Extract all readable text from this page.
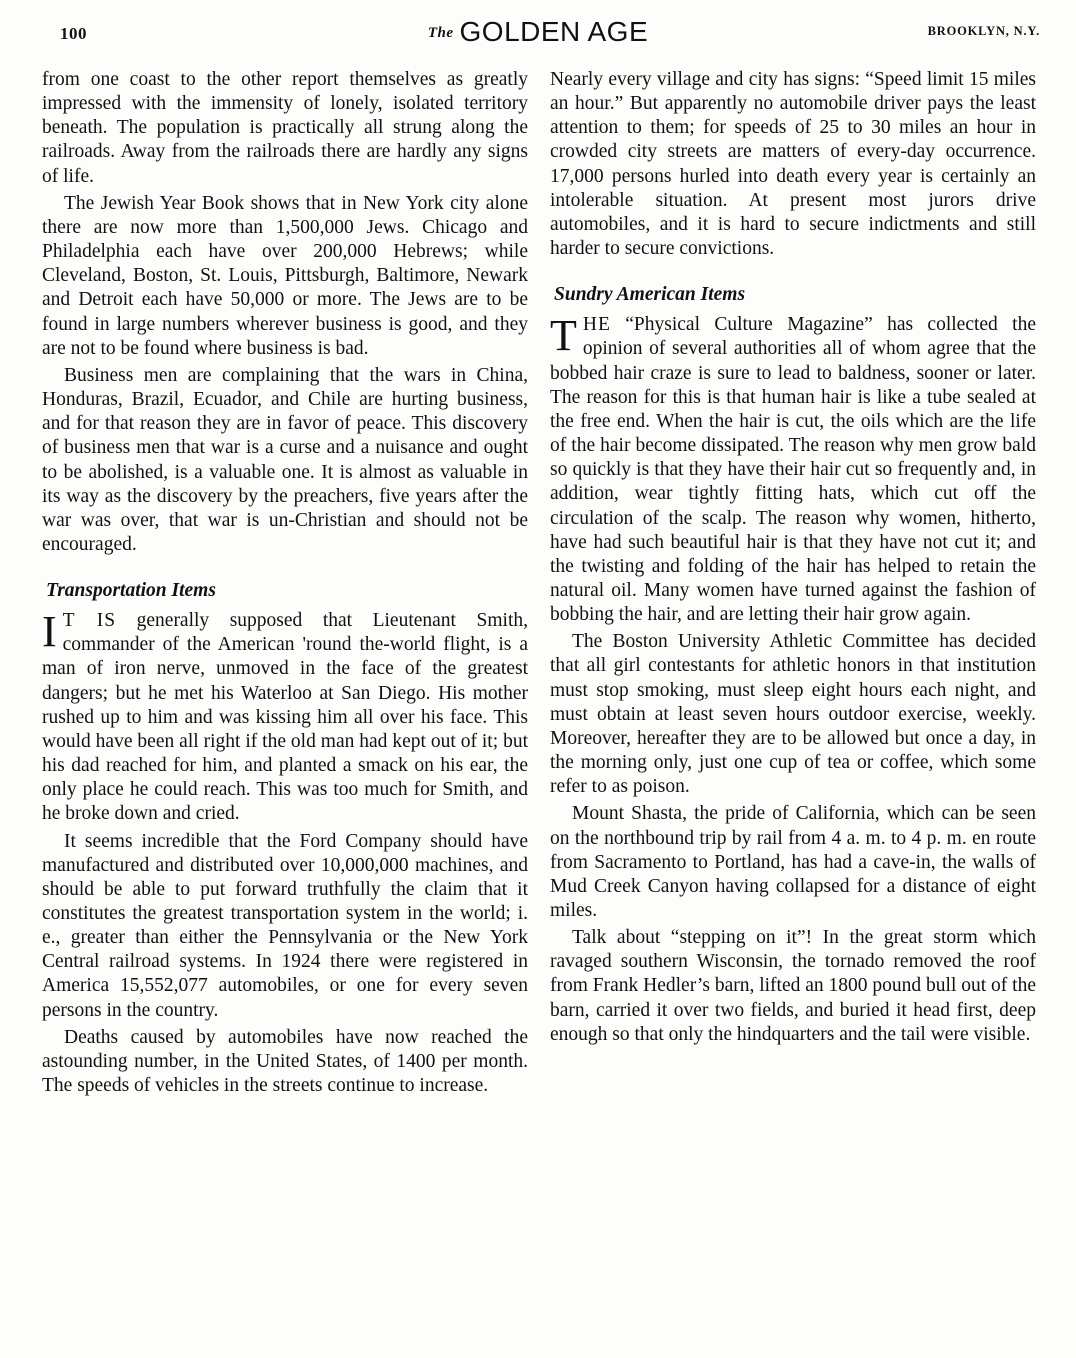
100	The GOLDEN AGE	BROOKLYN, N.Y.

from one coast to the other report themselves as greatly impressed with the immensity of lonely, isolated territory beneath. The population is practically all strung along the railroads. Away from the railroads there are hardly any signs of life.

The Jewish Year Book shows that in New York city alone there are now more than 1,500,000 Jews. Chicago and Philadelphia each have over 200,000 Hebrews; while Cleveland, Boston, St. Louis, Pittsburgh, Baltimore, Newark and Detroit each have 50,000 or more. The Jews are to be found in large numbers wherever business is good, and they are not to be found where business is bad.

Business men are complaining that the wars in China, Honduras, Brazil, Ecuador, and Chile are hurting business, and for that reason they are in favor of peace. This discovery of business men that war is a curse and a nuisance and ought to be abolished, is a valuable one. It is almost as valuable in its way as the discovery by the preachers, five years after the war was over, that war is un-Christian and should not be encouraged.

Transportation Items

I T IS generally supposed that Lieutenant Smith, commander of the American 'round the-world flight, is a man of iron nerve, unmoved in the face of the greatest dangers; but he met his Waterloo at San Diego. His mother rushed up to him and was kissing him all over his face. This would have been all right if the old man had kept out of it; but his dad reached for him, and planted a smack on his ear, the only place he could reach. This was too much for Smith, and he broke down and cried.

It seems incredible that the Ford Company should have manufactured and distributed over 10,000,000 machines, and should be able to put forward truthfully the claim that it constitutes the greatest transportation system in the world; i. e., greater than either the Pennsylvania or the New York Central railroad systems. In 1924 there were registered in America 15,552,077 automobiles, or one for every seven persons in the country.

Deaths caused by automobiles have now reached the astounding number, in the United States, of 1400 per month. The speeds of vehicles in the streets continue to increase.

Nearly every village and city has signs: “Speed limit 15 miles an hour.” But apparently no automobile driver pays the least attention to them; for speeds of 25 to 30 miles an hour in crowded city streets are matters of every-day occurrence. 17,000 persons hurled into death every year is certainly an intolerable situation. At present most jurors drive automobiles, and it is hard to secure indictments and still harder to secure convictions.

Sundry American Items

THE “Physical Culture Magazine” has collected the opinion of several authorities all of whom agree that the bobbed hair craze is sure to lead to baldness, sooner or later. The reason for this is that human hair is like a tube sealed at the free end. When the hair is cut, the oils which are the life of the hair become dissipated. The reason why men grow bald so quickly is that they have their hair cut so frequently and, in addition, wear tightly fitting hats, which cut off the circulation of the scalp. The reason why women, hitherto, have had such beautiful hair is that they have not cut it; and the twisting and folding of the hair has helped to retain the natural oil. Many women have turned against the fashion of bobbing the hair, and are letting their hair grow again.

The Boston University Athletic Committee has decided that all girl contestants for athletic honors in that institution must stop smoking, must sleep eight hours each night, and must obtain at least seven hours outdoor exercise, weekly. Moreover, hereafter they are to be allowed but once a day, in the morning only, just one cup of tea or coffee, which some refer to as poison.

Mount Shasta, the pride of California, which can be seen on the northbound trip by rail from 4 a. m. to 4 p. m. en route from Sacramento to Portland, has had a cave-in, the walls of Mud Creek Canyon having collapsed for a distance of eight miles.

Talk about “stepping on it”! In the great storm which ravaged southern Wisconsin, the tornado removed the roof from Frank Hedler’s barn, lifted an 1800 pound bull out of the barn, carried it over two fields, and buried it head first, deep enough so that only the hindquarters and the tail were visible.
